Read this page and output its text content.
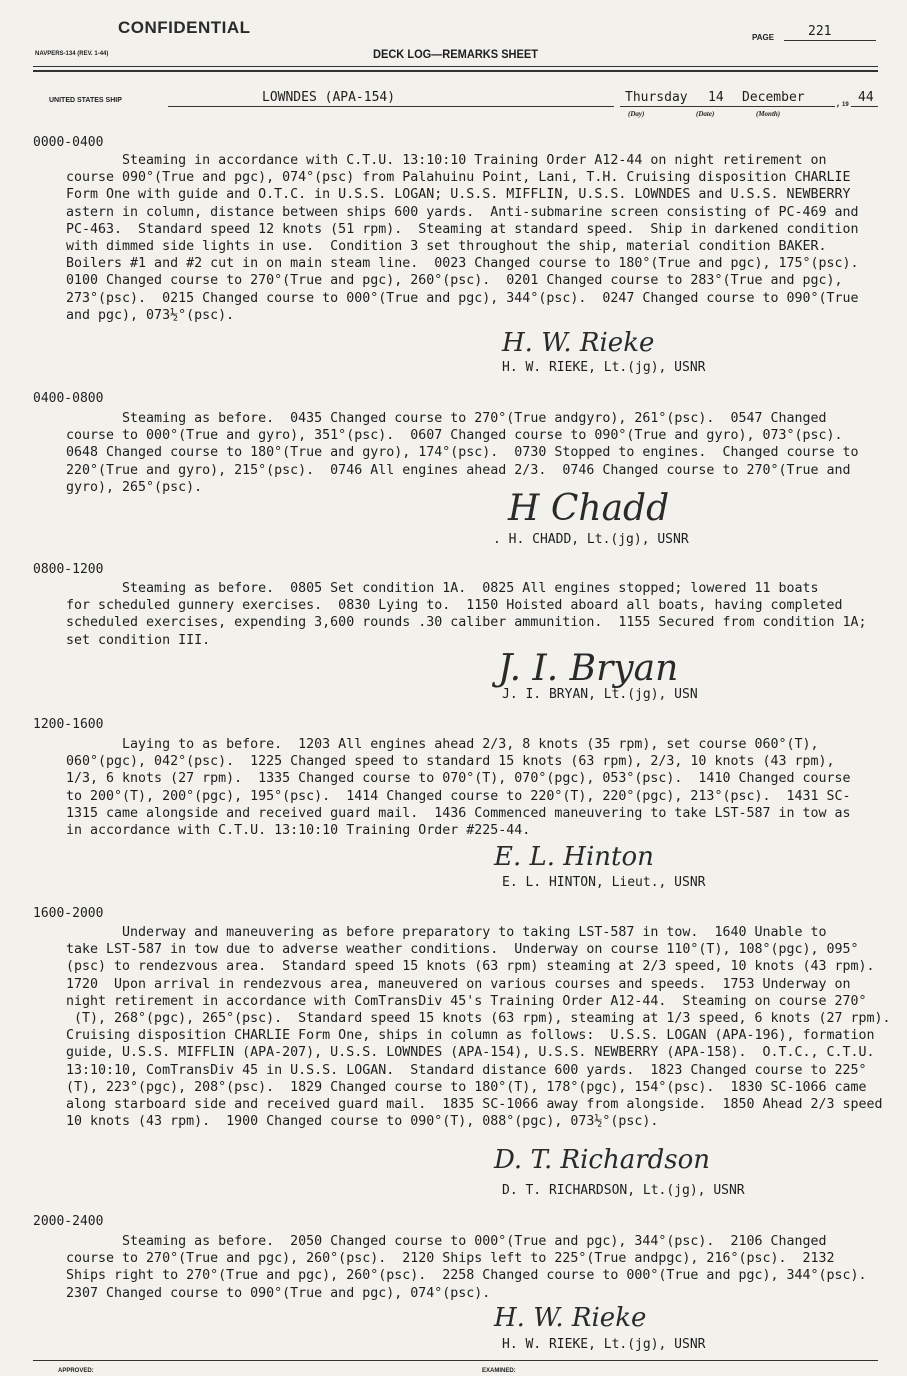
CONFIDENTIAL
PAGE	221
NAVPERS-134 (REV. 1-44)	DECK LOG—REMARKS SHEET
UNITED STATES SHIP	LOWNDES (APA-154)	Thursday 14 December	, 19 44
(Day)	(Date)	(Month)
0000-0400
Steaming in accordance with C.T.U. 13:10:10 Training Order A12-44 on night retirement on
course 090°(True and pgc), 074°(psc) from Palahuinu Point, Lani, T.H. Cruising disposition CHARLIE
Form One with guide and O.T.C. in U.S.S. LOGAN; U.S.S. MIFFLIN, U.S.S. LOWNDES and U.S.S. NEWBERRY
astern in column, distance between ships 600 yards.  Anti-submarine screen consisting of PC-469 and
PC-463.  Standard speed 12 knots (51 rpm).  Steaming at standard speed.  Ship in darkened condition
with dimmed side lights in use.  Condition 3 set throughout the ship, material condition BAKER.
Boilers #1 and #2 cut in on main steam line.  0023 Changed course to 180°(True and pgc), 175°(psc).
0100 Changed course to 270°(True and pgc), 260°(psc).  0201 Changed course to 283°(True and pgc),
273°(psc).  0215 Changed course to 000°(True and pgc), 344°(psc).  0247 Changed course to 090°(True
and pgc), 073½°(psc).
H. W. Rieke
H. W. RIEKE, Lt.(jg), USNR
0400-0800
Steaming as before.  0435 Changed course to 270°(True andgyro), 261°(psc).  0547 Changed
course to 000°(True and gyro), 351°(psc).  0607 Changed course to 090°(True and gyro), 073°(psc).
0648 Changed course to 180°(True and gyro), 174°(psc).  0730 Stopped to engines.  Changed course to
220°(True and gyro), 215°(psc).  0746 All engines ahead 2/3.  0746 Changed course to 270°(True and
gyro), 265°(psc).
H Chadd
. H. CHADD, Lt.(jg), USNR
0800-1200
Steaming as before.  0805 Set condition 1A.  0825 All engines stopped; lowered 11 boats
for scheduled gunnery exercises.  0830 Lying to.  1150 Hoisted aboard all boats, having completed
scheduled exercises, expending 3,600 rounds .30 caliber ammunition.  1155 Secured from condition 1A;
set condition III.
J. I. Bryan
J. I. BRYAN, Lt.(jg), USN
1200-1600
Laying to as before.  1203 All engines ahead 2/3, 8 knots (35 rpm), set course 060°(T),
060°(pgc), 042°(psc).  1225 Changed speed to standard 15 knots (63 rpm), 2/3, 10 knots (43 rpm),
1/3, 6 knots (27 rpm).  1335 Changed course to 070°(T), 070°(pgc), 053°(psc).  1410 Changed course
to 200°(T), 200°(pgc), 195°(psc).  1414 Changed course to 220°(T), 220°(pgc), 213°(psc).  1431 SC-
1315 came alongside and received guard mail.  1436 Commenced maneuvering to take LST-587 in tow as
in accordance with C.T.U. 13:10:10 Training Order #225-44.
E. L. Hinton
E. L. HINTON, Lieut., USNR
1600-2000
Underway and maneuvering as before preparatory to taking LST-587 in tow.  1640 Unable to
take LST-587 in tow due to adverse weather conditions.  Underway on course 110°(T), 108°(pgc), 095°
(psc) to rendezvous area.  Standard speed 15 knots (63 rpm) steaming at 2/3 speed, 10 knots (43 rpm).
1720  Upon arrival in rendezvous area, maneuvered on various courses and speeds.  1753 Underway on
night retirement in accordance with ComTransDiv 45's Training Order A12-44.  Steaming on course 270°
(T), 268°(pgc), 265°(psc).  Standard speed 15 knots (63 rpm), steaming at 1/3 speed, 6 knots (27 rpm).
Cruising disposition CHARLIE Form One, ships in column as follows:  U.S.S. LOGAN (APA-196), formation
guide, U.S.S. MIFFLIN (APA-207), U.S.S. LOWNDES (APA-154), U.S.S. NEWBERRY (APA-158).  O.T.C., C.T.U.
13:10:10, ComTransDiv 45 in U.S.S. LOGAN.  Standard distance 600 yards.  1823 Changed course to 225°
(T), 223°(pgc), 208°(psc).  1829 Changed course to 180°(T), 178°(pgc), 154°(psc).  1830 SC-1066 came
along starboard side and received guard mail.  1835 SC-1066 away from alongside.  1850 Ahead 2/3 speed
10 knots (43 rpm).  1900 Changed course to 090°(T), 088°(pgc), 073½°(psc).
D. T. Richardson
D. T. RICHARDSON, Lt.(jg), USNR
2000-2400
Steaming as before.  2050 Changed course to 000°(True and pgc), 344°(psc).  2106 Changed
course to 270°(True and pgc), 260°(psc).  2120 Ships left to 225°(True andpgc), 216°(psc).  2132
Ships right to 270°(True and pgc), 260°(psc).  2258 Changed course to 000°(True and pgc), 344°(psc).
2307 Changed course to 090°(True and pgc), 074°(psc).
H. W. Rieke
H. W. RIEKE, Lt.(jg), USNR
APPROVED:	EXAMINED:
